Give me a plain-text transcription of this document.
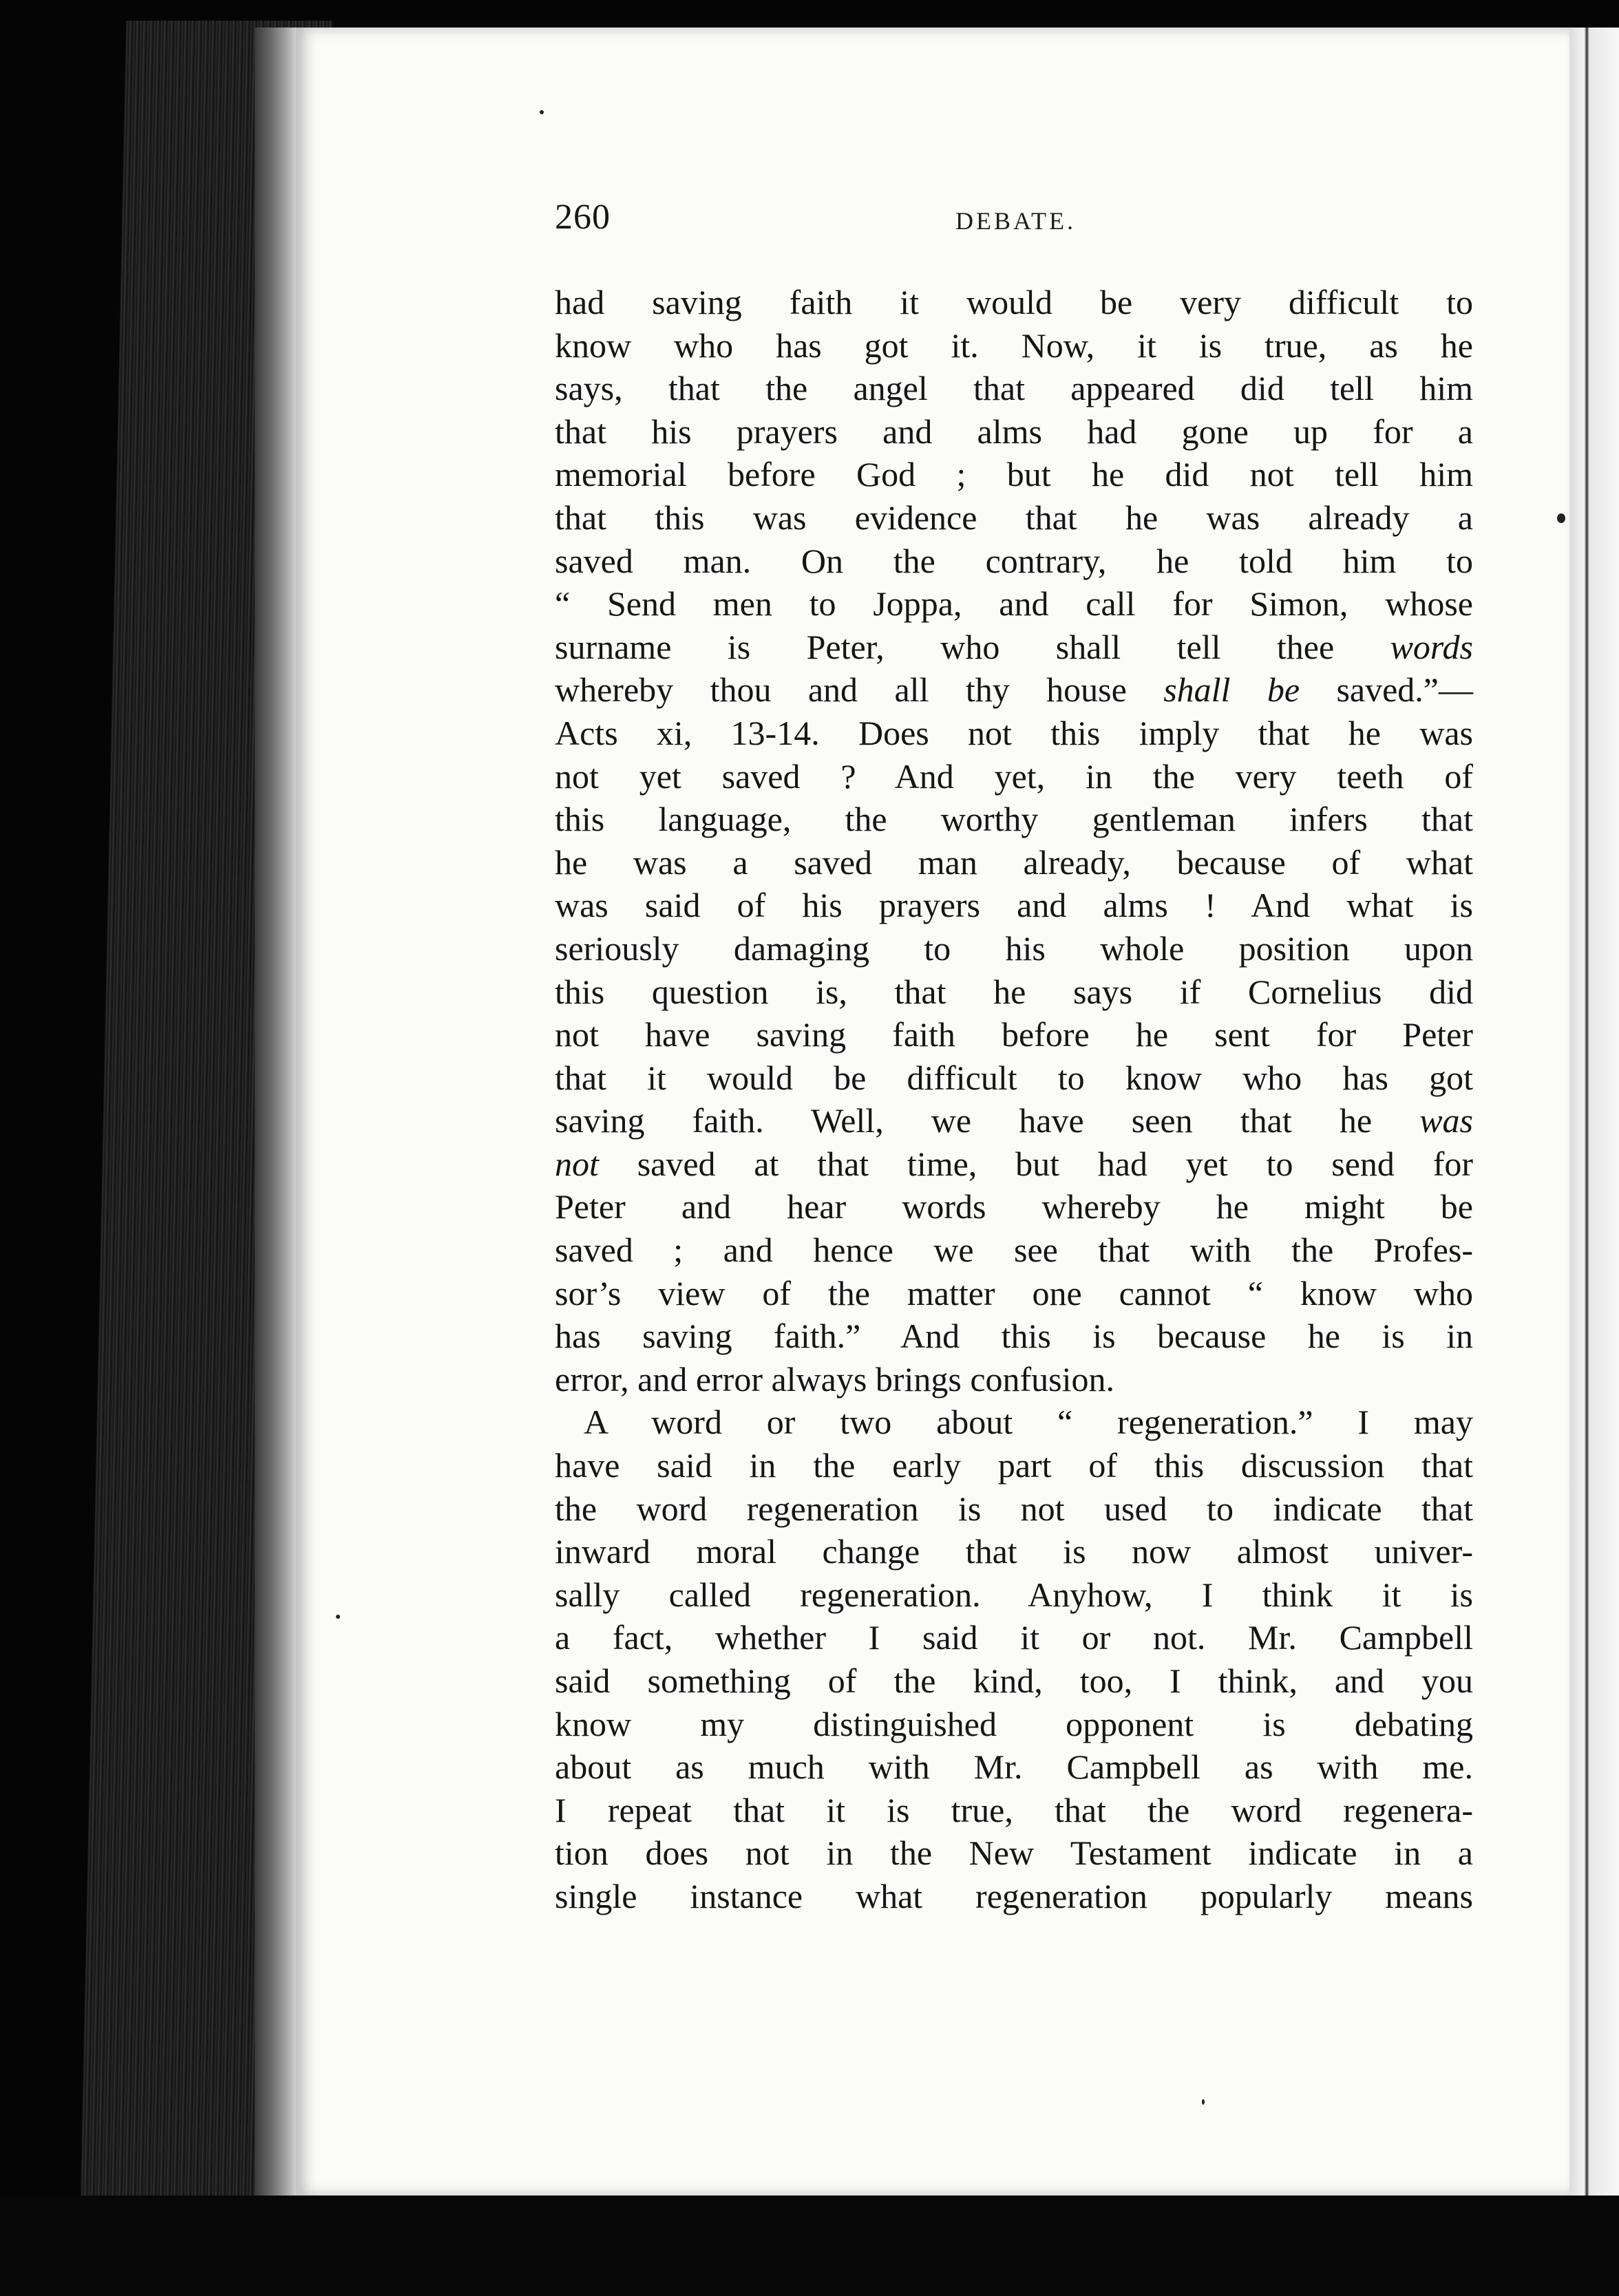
260	DEBATE.
had saving faith it would be very difficult to
know who has got it. Now, it is true, as he
says, that the angel that appeared did tell him
that his prayers and alms had gone up for a
memorial before God ; but he did not tell him
that this was evidence that he was already a
saved man. On the contrary, he told him to
“ Send men to Joppa, and call for Simon, whose
surname is Peter, who shall tell thee words
whereby thou and all thy house shall be saved.”—
Acts xi, 13-14. Does not this imply that he was
not yet saved ? And yet, in the very teeth of
this language, the worthy gentleman infers that
he was a saved man already, because of what
was said of his prayers and alms ! And what is
seriously damaging to his whole position upon
this question is, that he says if Cornelius did
not have saving faith before he sent for Peter
that it would be difficult to know who has got
saving faith. Well, we have seen that he was
not saved at that time, but had yet to send for
Peter and hear words whereby he might be
saved ; and hence we see that with the Profes-
sor’s view of the matter one cannot “ know who
has saving faith.” And this is because he is in
error, and error always brings confusion.
A word or two about “ regeneration.” I may
have said in the early part of this discussion that
the word regeneration is not used to indicate that
inward moral change that is now almost univer-
sally called regeneration. Anyhow, I think it is
a fact, whether I said it or not. Mr. Campbell
said something of the kind, too, I think, and you
know my distinguished opponent is debating
about as much with Mr. Campbell as with me.
I repeat that it is true, that the word regenera-
tion does not in the New Testament indicate in a
single instance what regeneration popularly means
